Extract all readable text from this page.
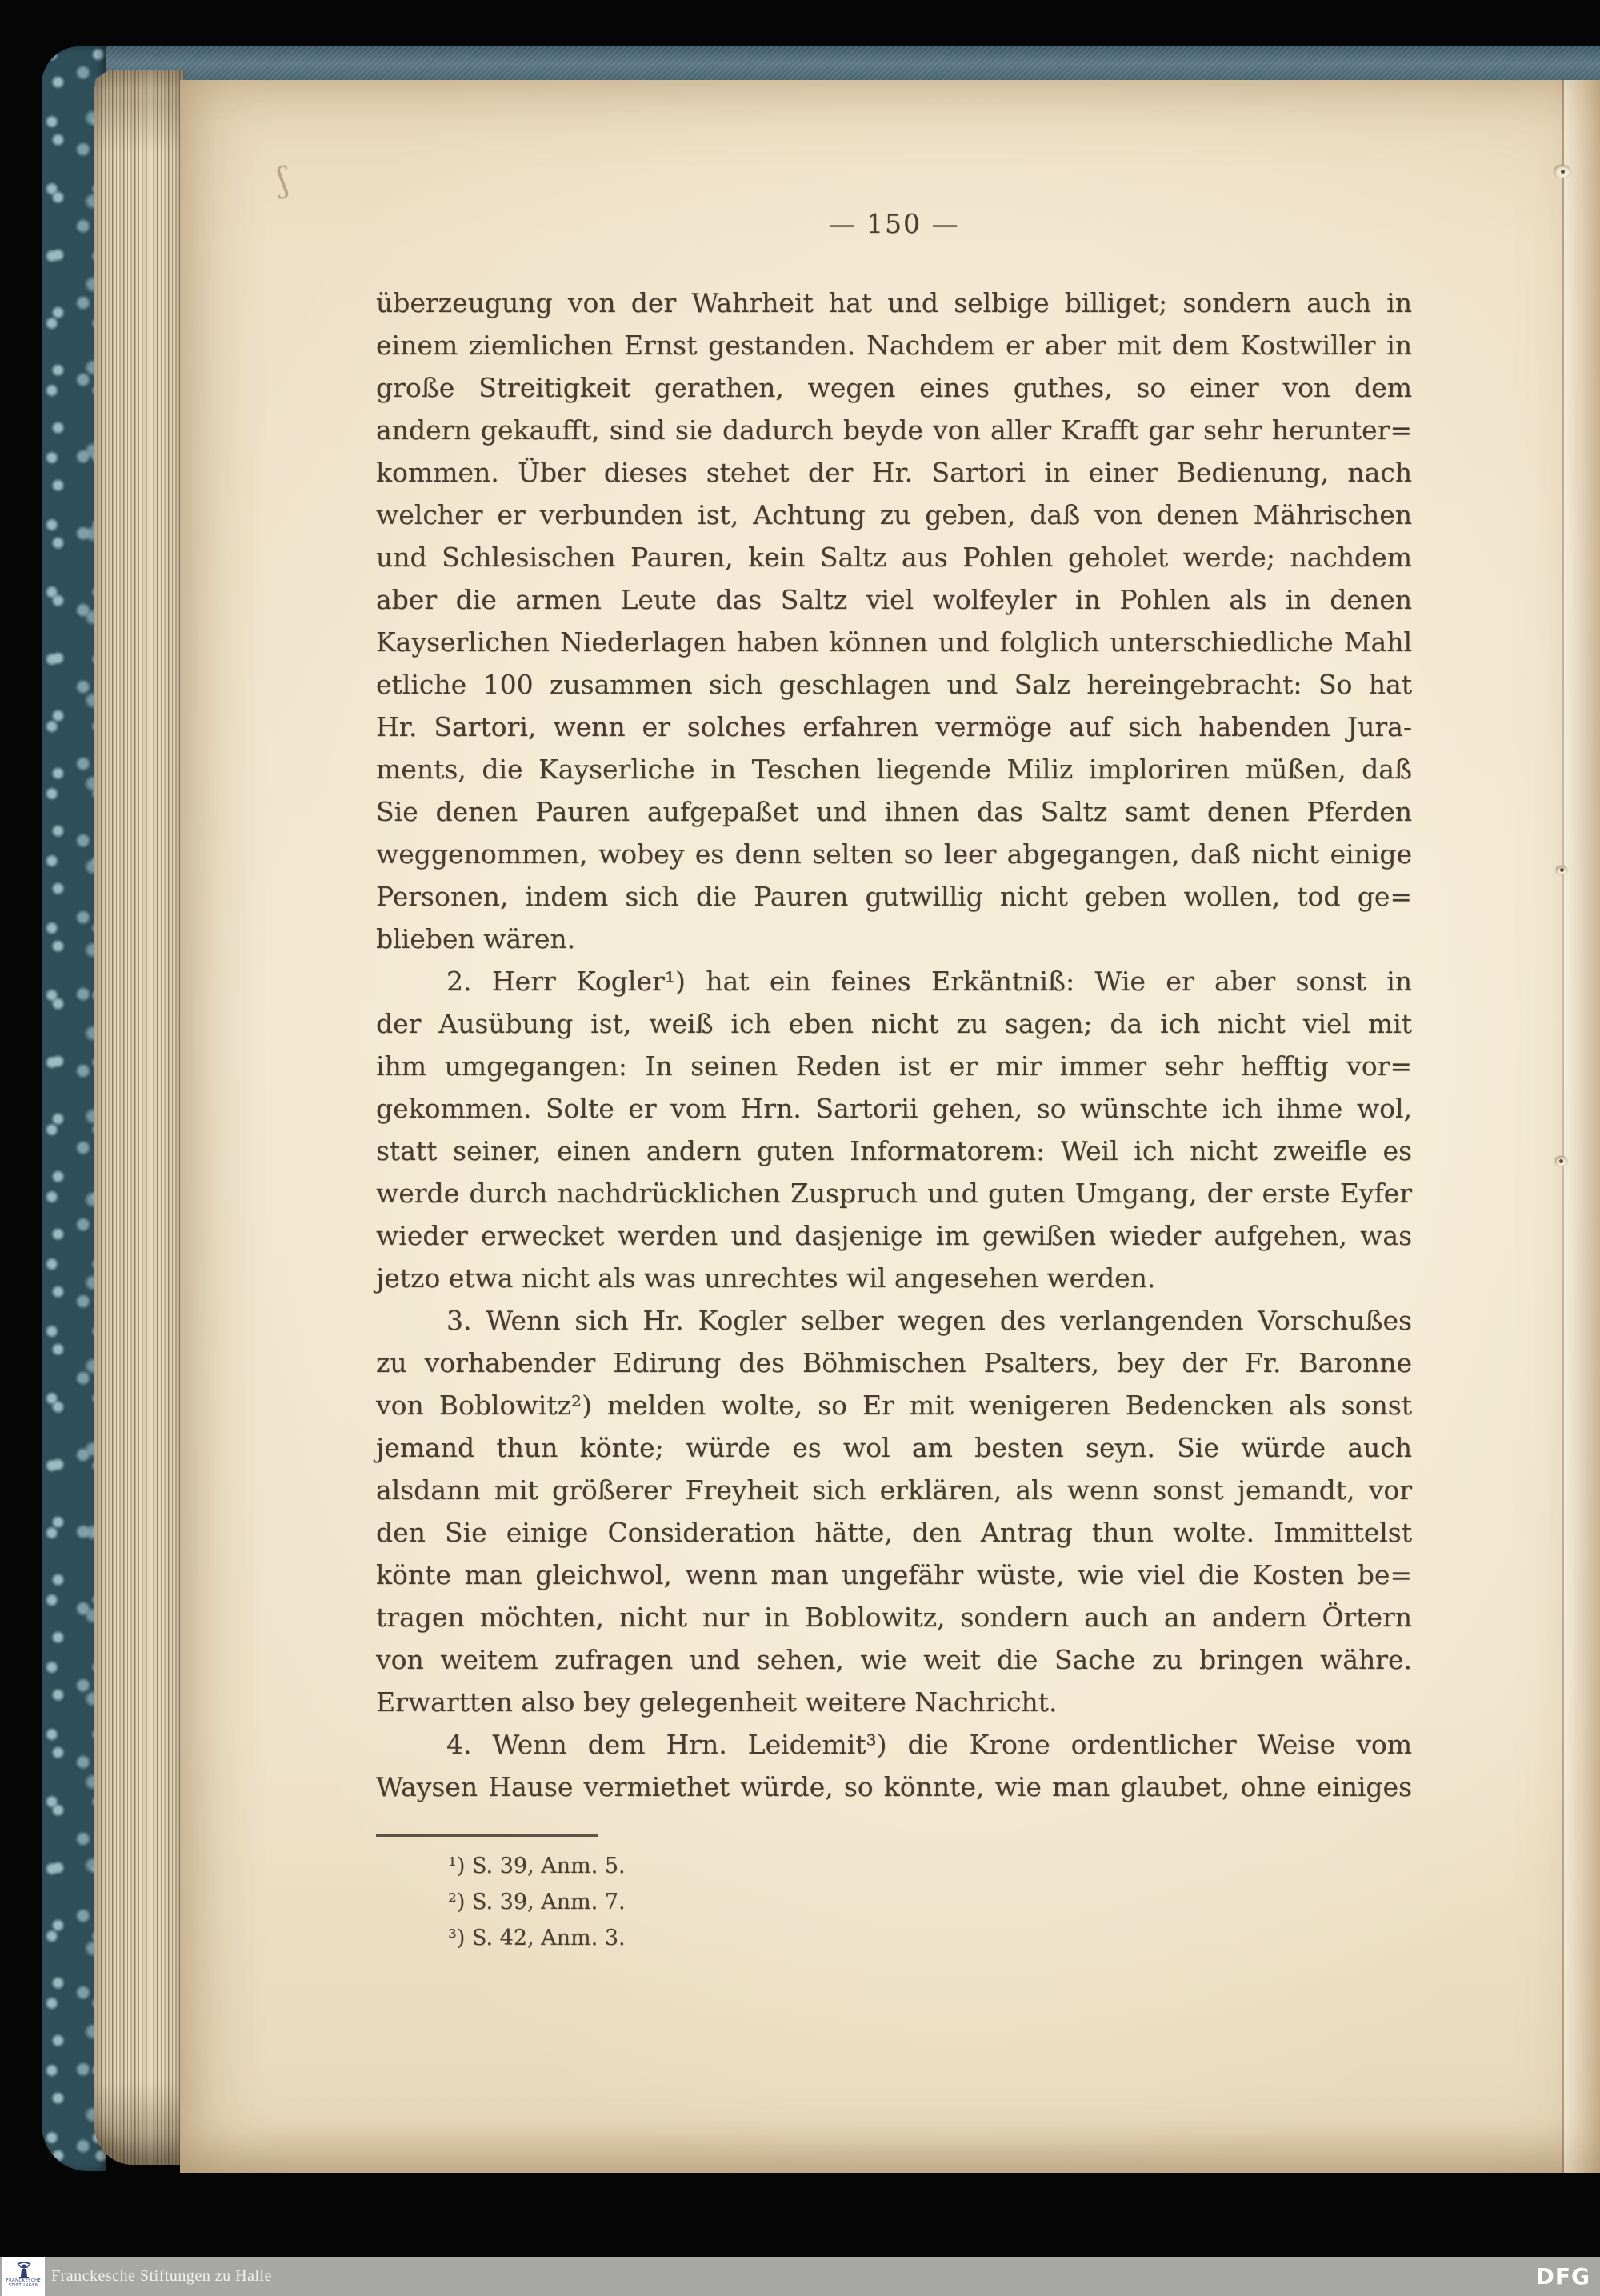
ʃ
— 150 —
überzeugung von der Wahrheit hat und selbige billiget; sondern auch in
einem ziemlichen Ernst gestanden. Nachdem er aber mit dem Kostwiller in
große Streitigkeit gerathen, wegen eines guthes, so einer von dem
andern gekaufft, sind sie dadurch beyde von aller Krafft gar sehr herunter=
kommen. Über dieses stehet der Hr. Sartori in einer Bedienung, nach
welcher er verbunden ist, Achtung zu geben, daß von denen Mährischen
und Schlesischen Pauren, kein Saltz aus Pohlen geholet werde; nachdem
aber die armen Leute das Saltz viel wolfeyler in Pohlen als in denen
Kayserlichen Niederlagen haben können und folglich unterschiedliche Mahl
etliche 100 zusammen sich geschlagen und Salz hereingebracht: So hat
Hr. Sartori, wenn er solches erfahren vermöge auf sich habenden Jura-
ments, die Kayserliche in Teschen liegende Miliz imploriren müßen, daß
Sie denen Pauren aufgepaßet und ihnen das Saltz samt denen Pferden
weggenommen, wobey es denn selten so leer abgegangen, daß nicht einige
Personen, indem sich die Pauren gutwillig nicht geben wollen, tod ge=
blieben wären.
2. Herr Kogler¹) hat ein feines Erkäntniß: Wie er aber sonst in
der Ausübung ist, weiß ich eben nicht zu sagen; da ich nicht viel mit
ihm umgegangen: In seinen Reden ist er mir immer sehr hefftig vor=
gekommen. Solte er vom Hrn. Sartorii gehen, so wünschte ich ihme wol,
statt seiner, einen andern guten Informatorem: Weil ich nicht zweifle es
werde durch nachdrücklichen Zuspruch und guten Umgang, der erste Eyfer
wieder erwecket werden und dasjenige im gewißen wieder aufgehen, was
jetzo etwa nicht als was unrechtes wil angesehen werden.
3. Wenn sich Hr. Kogler selber wegen des verlangenden Vorschußes
zu vorhabender Edirung des Böhmischen Psalters, bey der Fr. Baronne
von Boblowitz²) melden wolte, so Er mit wenigeren Bedencken als sonst
jemand thun könte; würde es wol am besten seyn. Sie würde auch
alsdann mit größerer Freyheit sich erklären, als wenn sonst jemandt, vor
den Sie einige Consideration hätte, den Antrag thun wolte. Immittelst
könte man gleichwol, wenn man ungefähr wüste, wie viel die Kosten be=
tragen möchten, nicht nur in Boblowitz, sondern auch an andern Örtern
von weitem zufragen und sehen, wie weit die Sache zu bringen währe.
Erwartten also bey gelegenheit weitere Nachricht.
4. Wenn dem Hrn. Leidemit³) die Krone ordentlicher Weise vom
Waysen Hause vermiethet würde, so könnte, wie man glaubet, ohne einiges
¹) S. 39, Anm. 5.
²) S. 39, Anm. 7.
³) S. 42, Anm. 3.
FRANCKESCHE
STIFTUNGEN
Franckesche Stiftungen zu Halle	DFG
